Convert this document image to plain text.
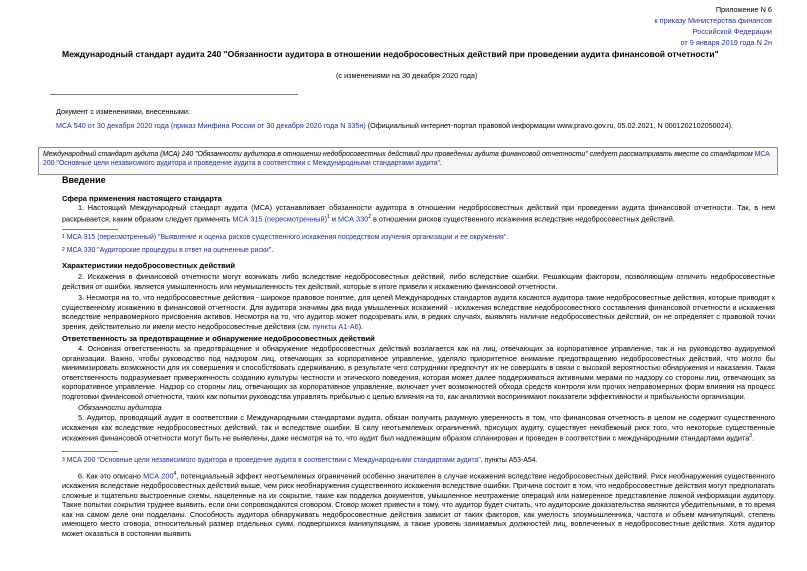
Приложение N 6
к приказу Министерства финансов
Российской Федерации
от 9 января 2019 года N 2н
Международный стандарт аудита 240 "Обязанности аудитора в отношении недобросовестных действий при проведении аудита финансовой отчетности"
(с изменениями на 30 декабря 2020 года)
Документ с изменениями, внесенными:
МСА 540 от 30 декабря 2020 года (приказ Минфина России от 30 декабря 2020 года N 335н) (Официальный интернет-портал правовой информации www.pravo.gov.ru, 05.02.2021, N 0001202102050024).
Международный стандарт аудита (МСА) 240 "Обязанности аудитора в отношении недобросовестных действий при проведении аудита финансовой отчетности" следует рассматривать вместе со стандартом МСА 200 "Основные цели независимого аудитора и проведение аудита в соответствии с Международными стандартами аудита".
Введение
Сфера применения настоящего стандарта
1. Настоящий Международный стандарт аудита (МСА) устанавливает обязанности аудитора в отношении недобросовестных действий при проведении аудита финансовой отчетности. Так, в нем раскрывается, каким образом следует применять МСА 315 (пересмотренный)$^1$ и МСА $330^2$ в отношении рисков существенного искажения вследствие недобросовестных действий.
$^1$ МСА 315 (пересмотренный) "Выявление и оценка рисков существенного искажения посредством изучения организации и ее окружения".
$^2$ МСА 330 "Аудиторские процедуры в ответ на оцененные риски".
Характеристики недобросовестных действий
2. Искажения в финансовой отчетности могут возникать либо вследствие недобросовестных действий, либо вследствие ошибки. Решающим фактором, позволяющим отличить недобросовестные действия от ошибки, является умышленность или неумышленность тех действий, которые в итоге привели к искажению финансовой отчетности.
3. Несмотря на то, что недобросовестные действия - широкое правовое понятие, для целей Международных стандартов аудита касаются аудитора такие недобросовестные действия, которые приводят к существенному искажению в финансовой отчетности. Для аудитора значимы два вида умышленных искажений - искажения вследствие недобросовестного составления финансовой отчетности и искажения вследствие неправомерного присвоения активов. Несмотря на то, что аудитор может подозревать или, в редких случаях, выявлять наличие недобросовестных действий, он не определяет с правовой точки зрения, действительно ли имели место недобросовестные действия (см. пункты А1-А6).
Ответственность за предотвращение и обнаружение недобросовестных действий
4. Основная ответственность за предотвращение и обнаружение недобросовестных действий возлагается как на лиц, отвечающих за корпоративное управление, так и на руководство аудируемой организации. Важно, чтобы руководство под надзором лиц, отвечающих за корпоративное управление, уделяло приоритетное внимание предотвращению недобросовестных действий, что могло бы минимизировать возможности для их совершения и способствовать сдерживанию, в результате чего сотрудники предпочтут их не совершать в связи с высокой вероятностью обнаружения и наказания. Такая ответственность подразумевает приверженность созданию культуры честности и этического поведения, которая может далее поддерживаться активными мерами по надзору со стороны лиц, отвечающих за корпоративное управление. Надзор со стороны лиц, отвечающих за корпоративное управление, включает учет возможностей обхода средств контроля или прочих неправомерных форм влияния на процесс подготовки финансовой отчетности, таких как попытки руководства управлять прибылью с целью влияния на то, как аналитики воспринимают показатели эффективности и прибыльности организации.
Обязанности аудитора
5. Аудитор, проводящий аудит в соответствии с Международными стандартами аудита, обязан получить разумную уверенность в том, что финансовая отчетность в целом не содержит существенного искажения как вследствие недобросовестных действий, так и вследствие ошибки. В силу неотъемлемых ограничений, присущих аудиту, существует неизбежный риск того, что некоторые существенные искажения финансовой отчетности могут быть не выявлены, даже несмотря на то, что аудит был надлежащим образом спланирован и проведен в соответствии с международными стандартами аудита$^3$.
$^3$ МСА 200 "Основные цели независимого аудитора и проведение аудита в соответствии с Международными стандартами аудита", пункты А53-А54.
6. Как это описано МСА $200^4$, потенциальный эффект неотъемлемых ограничений особенно значителен в случае искажения вследствие недобросовестных действий. Риск необнаружения существенного искажения вследствие недобросовестных действий выше, чем риск необнаружения существенного искажения вследствие ошибки. Причина состоит в том, что недобросовестные действия могут предполагать сложные и тщательно выстроенные схемы, нацеленные на их сокрытие, такие как подделка документов, умышленное неотражение операций или намеренное представление ложной информации аудитору. Такие попытки сокрытия труднее выявить, если они сопровождаются сговором. Сговор может привести к тому, что аудитор будет считать, что аудиторские доказательства являются убедительными, в то время как на самом деле они подделаны. Способность аудитора обнаруживать недобросовестные действия зависит от таких факторов, как умелость злоумышленника, частота и объем манипуляций, степень имеющего место сговора, относительный размер отдельных сумм, подвергшихся манипуляциям, а также уровень занимаемых должностей лиц, вовлеченных в недобросовестные действия. Хотя аудитор может оказаться в состоянии выявить
